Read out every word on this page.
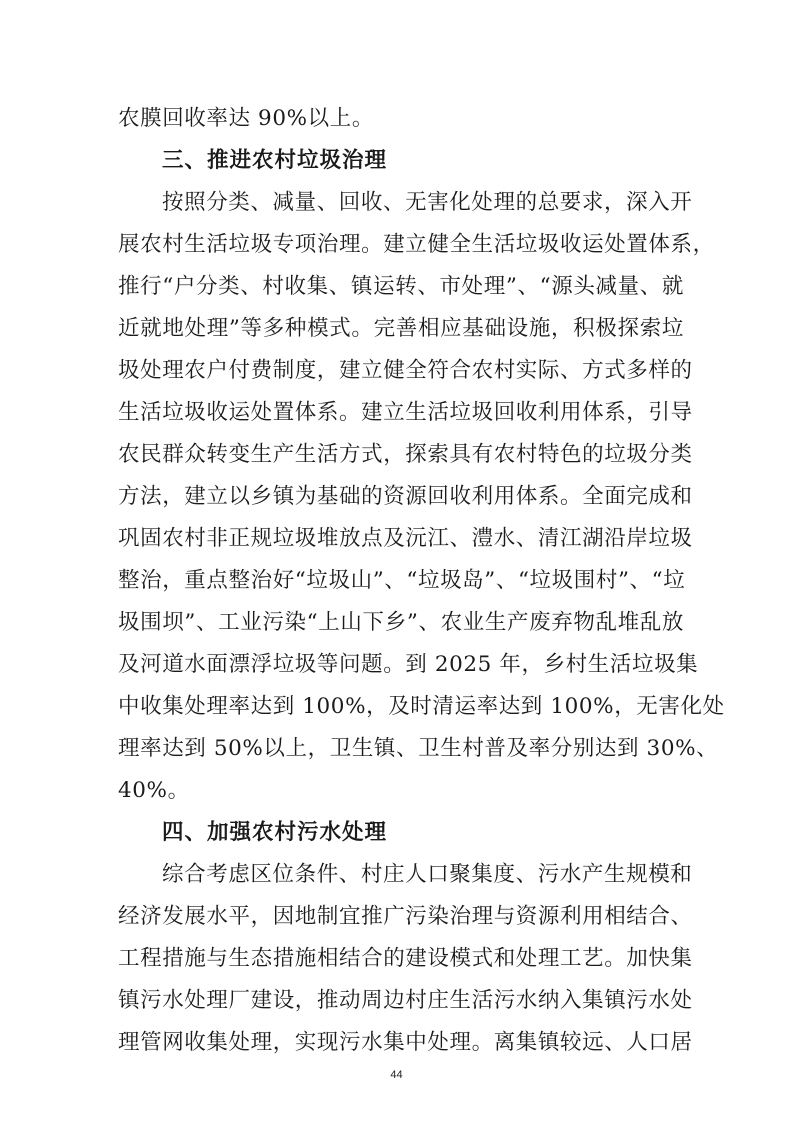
农膜回收率达 90%以上。
三、推进农村垃圾治理
按照分类、减量、回收、无害化处理的总要求，深入开
展农村生活垃圾专项治理。建立健全生活垃圾收运处置体系，
推行“户分类、村收集、镇运转、市处理”、“源头减量、就
近就地处理”等多种模式。完善相应基础设施，积极探索垃
圾处理农户付费制度，建立健全符合农村实际、方式多样的
生活垃圾收运处置体系。建立生活垃圾回收利用体系，引导
农民群众转变生产生活方式，探索具有农村特色的垃圾分类
方法，建立以乡镇为基础的资源回收利用体系。全面完成和
巩固农村非正规垃圾堆放点及沅江、澧水、清江湖沿岸垃圾
整治，重点整治好“垃圾山”、“垃圾岛”、“垃圾围村”、“垃
圾围坝”、工业污染“上山下乡”、农业生产废弃物乱堆乱放
及河道水面漂浮垃圾等问题。到 2025 年，乡村生活垃圾集
中收集处理率达到 100%，及时清运率达到 100%，无害化处
理率达到 50%以上，卫生镇、卫生村普及率分别达到 30%、
40%。
四、加强农村污水处理
综合考虑区位条件、村庄人口聚集度、污水产生规模和
经济发展水平，因地制宜推广污染治理与资源利用相结合、
工程措施与生态措施相结合的建设模式和处理工艺。加快集
镇污水处理厂建设，推动周边村庄生活污水纳入集镇污水处
理管网收集处理，实现污水集中处理。离集镇较远、人口居
44
